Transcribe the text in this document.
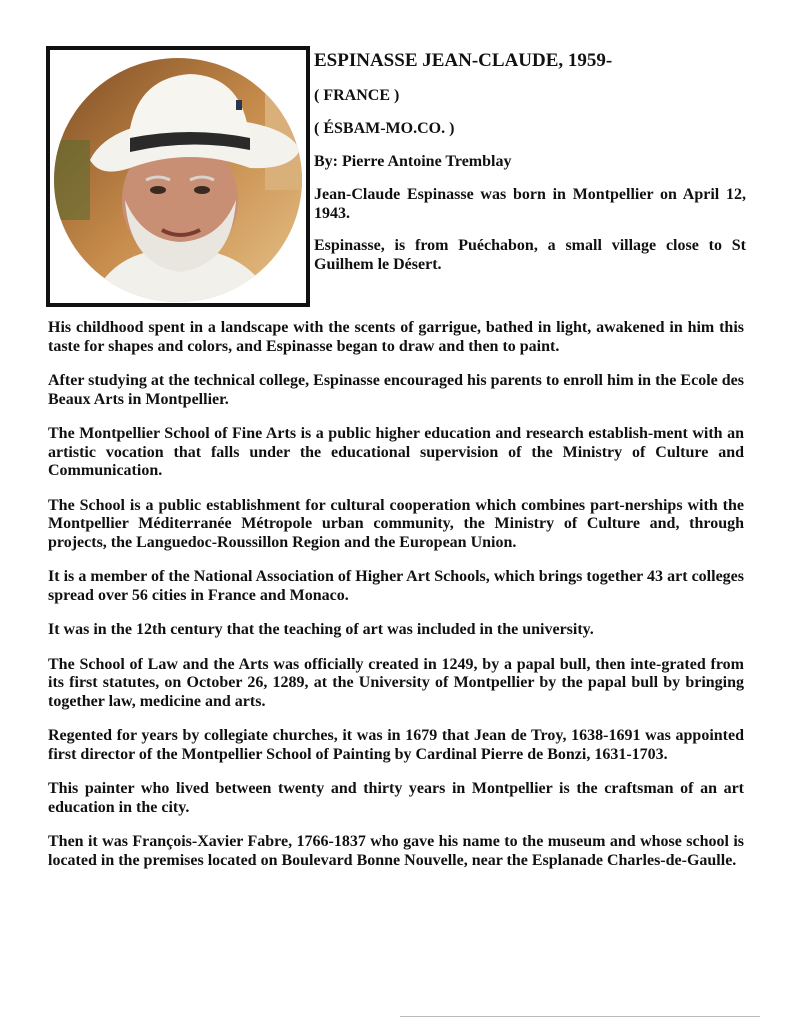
ESPINASSE JEAN-CLAUDE, 1959-
( FRANCE )
( ÉSBAM-MO.CO. )
By: Pierre Antoine Tremblay
Jean-Claude Espinasse was born in Montpellier on April 12, 1943.
Espinasse, is from Puéchabon, a small village close to St Guilhem le Désert.

His childhood spent in a landscape with the scents of garrigue, bathed in light, awakened in him this taste for shapes and colors, and Espinasse began to draw and then to paint.

After studying at the technical college, Espinasse encouraged his parents to enroll him in the Ecole des Beaux Arts in Montpellier.

The Montpellier School of Fine Arts is a public higher education and research establish-ment with an artistic vocation that falls under the educational supervision of the Ministry of Culture and Communication.

The School is a public establishment for cultural cooperation which combines part-nerships with the Montpellier Méditerranée Métropole urban community, the Ministry of Culture and, through projects, the Languedoc-Roussillon Region and the European Union.

It is a member of the National Association of Higher Art Schools, which brings together 43 art colleges spread over 56 cities in France and Monaco.

It was in the 12th century that the teaching of art was included in the university.

The School of Law and the Arts was officially created in 1249, by a papal bull, then inte-grated from its first statutes, on October 26, 1289, at the University of Montpellier by the papal bull by bringing together law, medicine and arts.

Regented for years by collegiate churches, it was in 1679 that Jean de Troy, 1638-1691 was appointed first director of the Montpellier School of Painting by Cardinal Pierre de Bonzi, 1631-1703.

This painter who lived between twenty and thirty years in Montpellier is the craftsman of an art education in the city.

Then it was François-Xavier Fabre, 1766-1837 who gave his name to the museum and whose school is located in the premises located on Boulevard Bonne Nouvelle, near the Esplanade Charles-de-Gaulle.
